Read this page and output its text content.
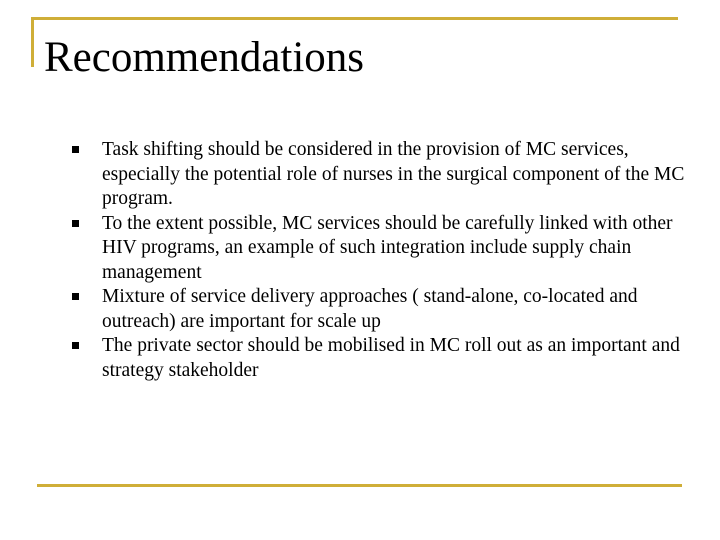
Recommendations
Task shifting should be considered in the provision of MC services, especially the potential role of nurses in the surgical component of the MC program.
To the extent possible, MC services should be carefully linked with other HIV programs, an example of such integration include supply chain management
Mixture of service delivery approaches ( stand-alone, co-located and outreach) are important for scale up
The private sector should be mobilised in MC roll out as an important and strategy stakeholder
